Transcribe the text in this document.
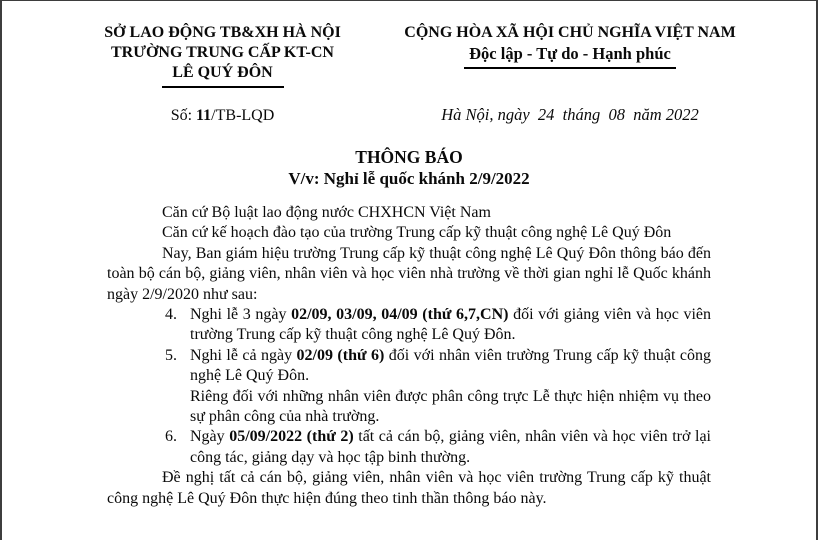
SỞ LAO ĐỘNG TB&XH HÀ NỘI
TRƯỜNG TRUNG CẤP KT-CN
LÊ QUÝ ĐÔN
Số: 11/TB-LQD
CỘNG HÒA XÃ HỘI CHỦ NGHĨA VIỆT NAM
Độc lập - Tự do - Hạnh phúc
Hà Nội, ngày  24  tháng  08  năm 2022
THÔNG BÁO
V/v: Nghỉ lễ quốc khánh 2/9/2022

Căn cứ Bộ luật lao động nước CHXHCN Việt Nam

Căn cứ kế hoạch đào tạo của trường Trung cấp kỹ thuật công nghệ Lê Quý Đôn

Nay, Ban giám hiệu trường Trung cấp kỹ thuật công nghệ Lê Quý Đôn thông báo đến toàn bộ cán bộ, giảng viên, nhân viên và học viên nhà trường về thời gian nghỉ lễ Quốc khánh ngày 2/9/2020 như sau:

4. Nghi lễ 3 ngày 02/09, 03/09, 04/09 (thứ 6,7,CN) đối với giảng viên và học viên trường Trung cấp kỹ thuật công nghệ Lê Quý Đôn.

5. Nghi lễ cả ngày 02/09 (thứ 6) đối với nhân viên trường Trung cấp kỹ thuật công nghệ Lê Quý Đôn.

Riêng đối với những nhân viên được phân công trực Lễ thực hiện nhiệm vụ theo sự phân công của nhà trường.

6. Ngày 05/09/2022 (thứ 2) tất cả cán bộ, giảng viên, nhân viên và học viên trở lại công tác, giảng dạy và học tập binh thường.

Đề nghị tất cả cán bộ, giảng viên, nhân viên và học viên trường Trung cấp kỹ thuật công nghệ Lê Quý Đôn thực hiện đúng theo tinh thần thông báo này.
